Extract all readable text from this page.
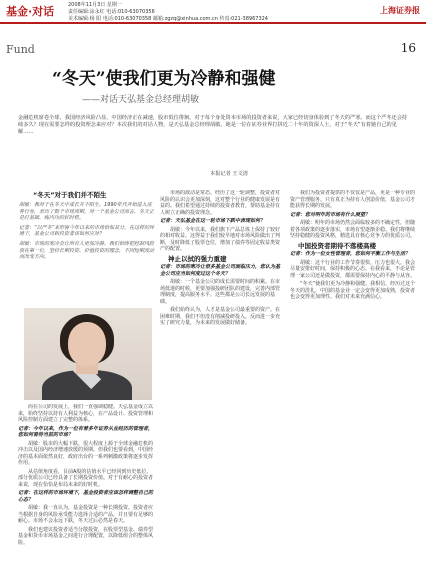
基金·对话	2008年11月3日 星期一
责任编辑:涂永红 电话:010-63070356
美术编辑:杨 阳 电话:010-63070358 邮箱:zgzq@xinhua.com.cn 传真:021-38967324
上海证券报
Fund	16
“冬天”使我们更为冷静和强健
——对话天弘基金总经理胡敏
金融危机席卷全球，我国经济风险凸显，中国经济正在减速，股市低位徘徊。对于每个身处资本市场的投资者来说，大家已经切身体验到了冬天的严寒。而这个严冬还会持续多久？现在需要怎样的投资理念来应对？本次我们的对话人物，是天弘基金总经理胡敏。她是一位在证券业界打拼近二十年的资深人士，对于“冬天”有着她自己的见解……
本报记者 王文清
“冬天”对于我们并不陌生

胡敏：我对于在冬天中成长并不陌生。1990年代开始进入证券行业，亲历了数个市场周期。对一个基金公司而言，冬天正是打基础、练内功的好时机。

记者：“以严冬”来形容今年以来的市场恰如其分，在这样的环境下，基金公司和投资者该如何应对？

胡敏：市场的寒冷会让所有人更加冷静。我们始终把控制风险放在第一位，坚持长期投资、价值投资的理念，不因短期波动而改变方向。

而在公司的发展上，我们一直强调稳健。天弘基金成立以来，始终坚持以持有人利益为核心，在产品设计、投资管理和风险控制方面建立了完整的体系。

记者：今年以来，作为一位有着多年证券从业经历的管理者，您如何看待当前的市场？

胡敏：股市的大幅下跌，很大程度上源于全球金融危机的冲击以及国内经济增速放缓的预期。但我们也要看到，中国经济的基本面依然良好，政府出台的一系列刺激政策将逐步发挥作用。

从估值角度看，目前A股的估值水平已经回到历史低位，部分优质公司已经具备了长期投资价值。对于有耐心的投资者来说，现在恰恰是布局未来的好时机。

记者：在这样的市场环境下，基金投资者应该怎样调整自己的心态？

胡敏：我一直认为，基金投资是一种长期投资。投资者应当根据自身的风险承受能力选择合适的产品，并且要有足够的耐心。市场不会永远下跌，冬天过后必然是春天。

我们也建议投资者适当分散投资，在股票型基金、债券型基金和货币市场基金之间进行合理配置，以降低组合的整体风险。

市场的波动是常态。经历了这一轮调整，投资者对风险的认识会更加深刻，这对整个行业的健康发展是有益的。我们希望通过持续的投资者教育，帮助基金持有人树立正确的投资理念。

记者：天弘基金在这一轮市场下跌中表现如何？

胡敏：今年以来，我们旗下产品总体上保持了较好的相对收益。这得益于我们较早地对市场风险做出了判断，及时降低了股票仓位，增加了债券等固定收益类资产的配置。

神止以拭的强力重建

记者：市场的寒冷让很多基金公司面临压力，您认为基金公司应当如何度过这个冬天？

胡敏：一个基金公司的成长需要时间的积累。在市场低迷的时候，更要加强投研团队的建设，完善内部管理制度，提高服务水平。这些都是公司长远发展的基础。

我们始终认为，人才是基金公司最重要的资产。在困难时期，我们不但没有削减投研投入，反而进一步充实了研究力量，为未来的发展做好储备。

我们为投资者提供的不仅仅是产品，更是一种专业的资产管理服务。只有真正为持有人创造价值，基金公司才能获得长期的发展。

记者：您对明年的市场有什么展望？

胡敏：明年的市场仍然会面临较多的不确定性，但随着各项政策的逐步落实，市场有望逐渐企稳。我们将继续坚持稳健的投资风格，精选具有核心竞争力的优质公司。

中国投资者期待不落楼高楼

记者：作为一位女性管理者，您如何平衡工作与生活？

胡敏：这个行业的工作节奏很快，压力也很大。我会尽量安排好时间，保持积极的心态。在我看来，不论是管理一家公司还是做投资，都需要保持内心的平静与从容。

“冬天”使我们更为冷静和强健。我相信，经历过这个冬天的洗礼，中国的基金业一定会变得更加成熟，投资者也会变得更加理性。我们对未来充满信心。
